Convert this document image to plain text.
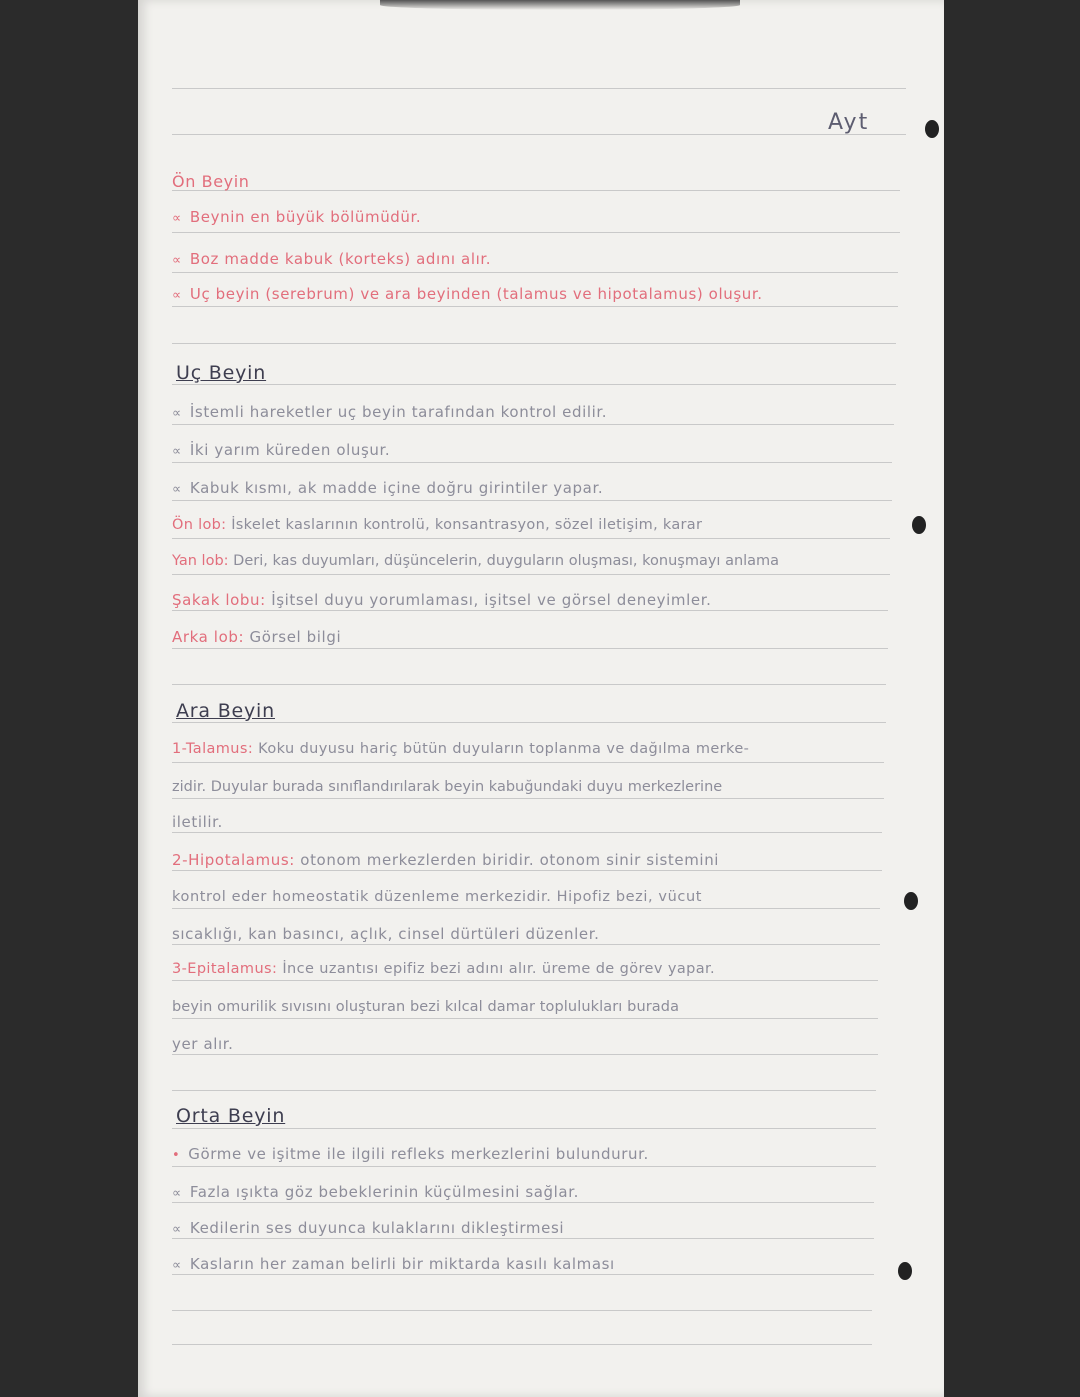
Ayt
Ön Beyin
∝ Beynin en büyük bölümüdür.
∝ Boz madde kabuk (korteks) adını alır.
∝ Uç beyin (serebrum) ve ara beyinden (talamus ve hipotalamus) oluşur.
Uç Beyin
∝ İstemli hareketler uç beyin tarafından kontrol edilir.
∝ İki yarım küreden oluşur.
∝ Kabuk kısmı, ak madde içine doğru girintiler yapar.
Ön lob: İskelet kaslarının kontrolü, konsantrasyon, sözel iletişim, karar
Yan lob: Deri, kas duyumları, düşüncelerin, duyguların oluşması, konuşmayı anlama
Şakak lobu: İşitsel duyu yorumlaması, işitsel ve görsel deneyimler.
Arka lob: Görsel bilgi
Ara Beyin
1-Talamus: Koku duyusu hariç bütün duyuların toplanma ve dağılma merke-
zidir. Duyular burada sınıflandırılarak beyin kabuğundaki duyu merkezlerine
iletilir.
2-Hipotalamus: otonom merkezlerden biridir. otonom sinir sistemini
kontrol eder homeostatik düzenleme merkezidir. Hipofiz bezi, vücut
sıcaklığı, kan basıncı, açlık, cinsel dürtüleri düzenler.
3-Epitalamus: İnce uzantısı epifiz bezi adını alır. üreme de görev yapar.
beyin omurilik sıvısını oluşturan bezi kılcal damar toplulukları burada
yer alır.
Orta Beyin
• Görme ve işitme ile ilgili refleks merkezlerini bulundurur.
∝ Fazla ışıkta göz bebeklerinin küçülmesini sağlar.
∝ Kedilerin ses duyunca kulaklarını dikleştirmesi
∝ Kasların her zaman belirli bir miktarda kasılı kalması
